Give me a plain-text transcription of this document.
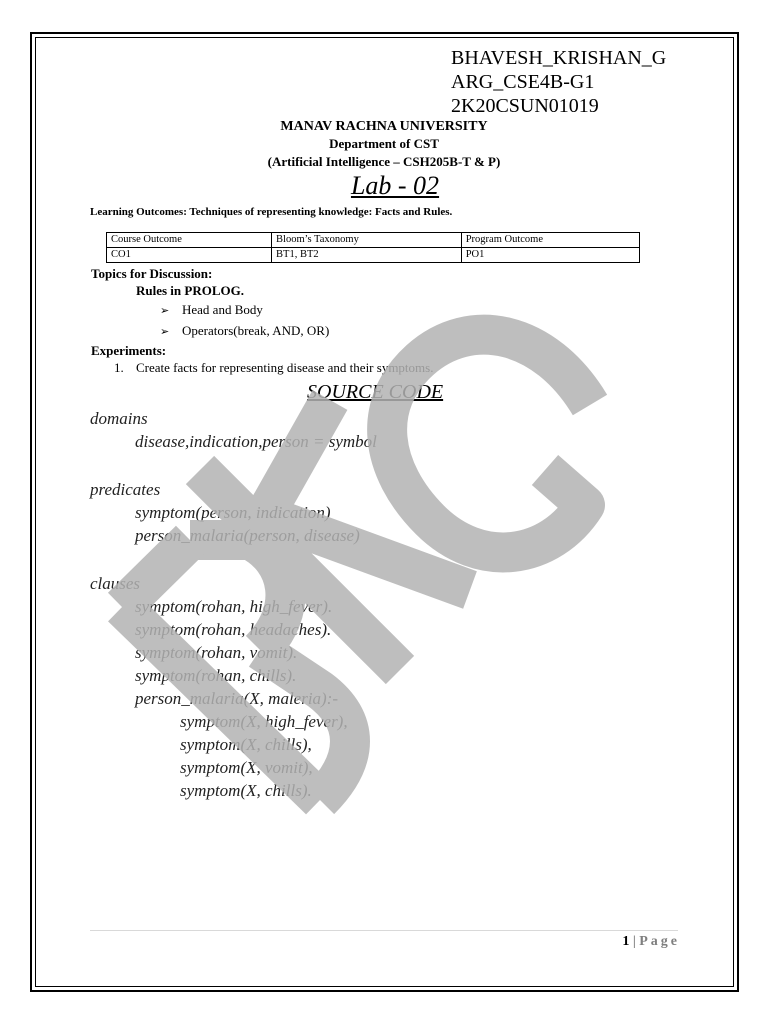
BHAVESH_KRISHAN_G
ARG_CSE4B-G1
2K20CSUN01019
MANAV RACHNA UNIVERSITY
Department of CST
(Artificial Intelligence – CSH205B-T & P)
Lab - 02
Learning Outcomes: Techniques of representing knowledge: Facts and Rules.
Course Outcome	Bloom’s Taxonomy	Program Outcome
CO1	BT1, BT2	PO1
Topics for Discussion:
Rules in PROLOG.
➢ Head and Body
➢ Operators(break, AND, OR)
Experiments:
1. Create facts for representing disease and their symptoms.
SOURCE CODE
domains
disease,indication,person = symbol
predicates
symptom(person, indication)
person_malaria(person, disease)
clauses
symptom(rohan, high_fever).
symptom(rohan, headaches).
symptom(rohan, vomit).
symptom(rohan, chills).
person_malaria(X, maleria):-
symptom(X, high_fever),
symptom(X, chills),
symptom(X, vomit),
symptom(X, chills).
1 | Page
